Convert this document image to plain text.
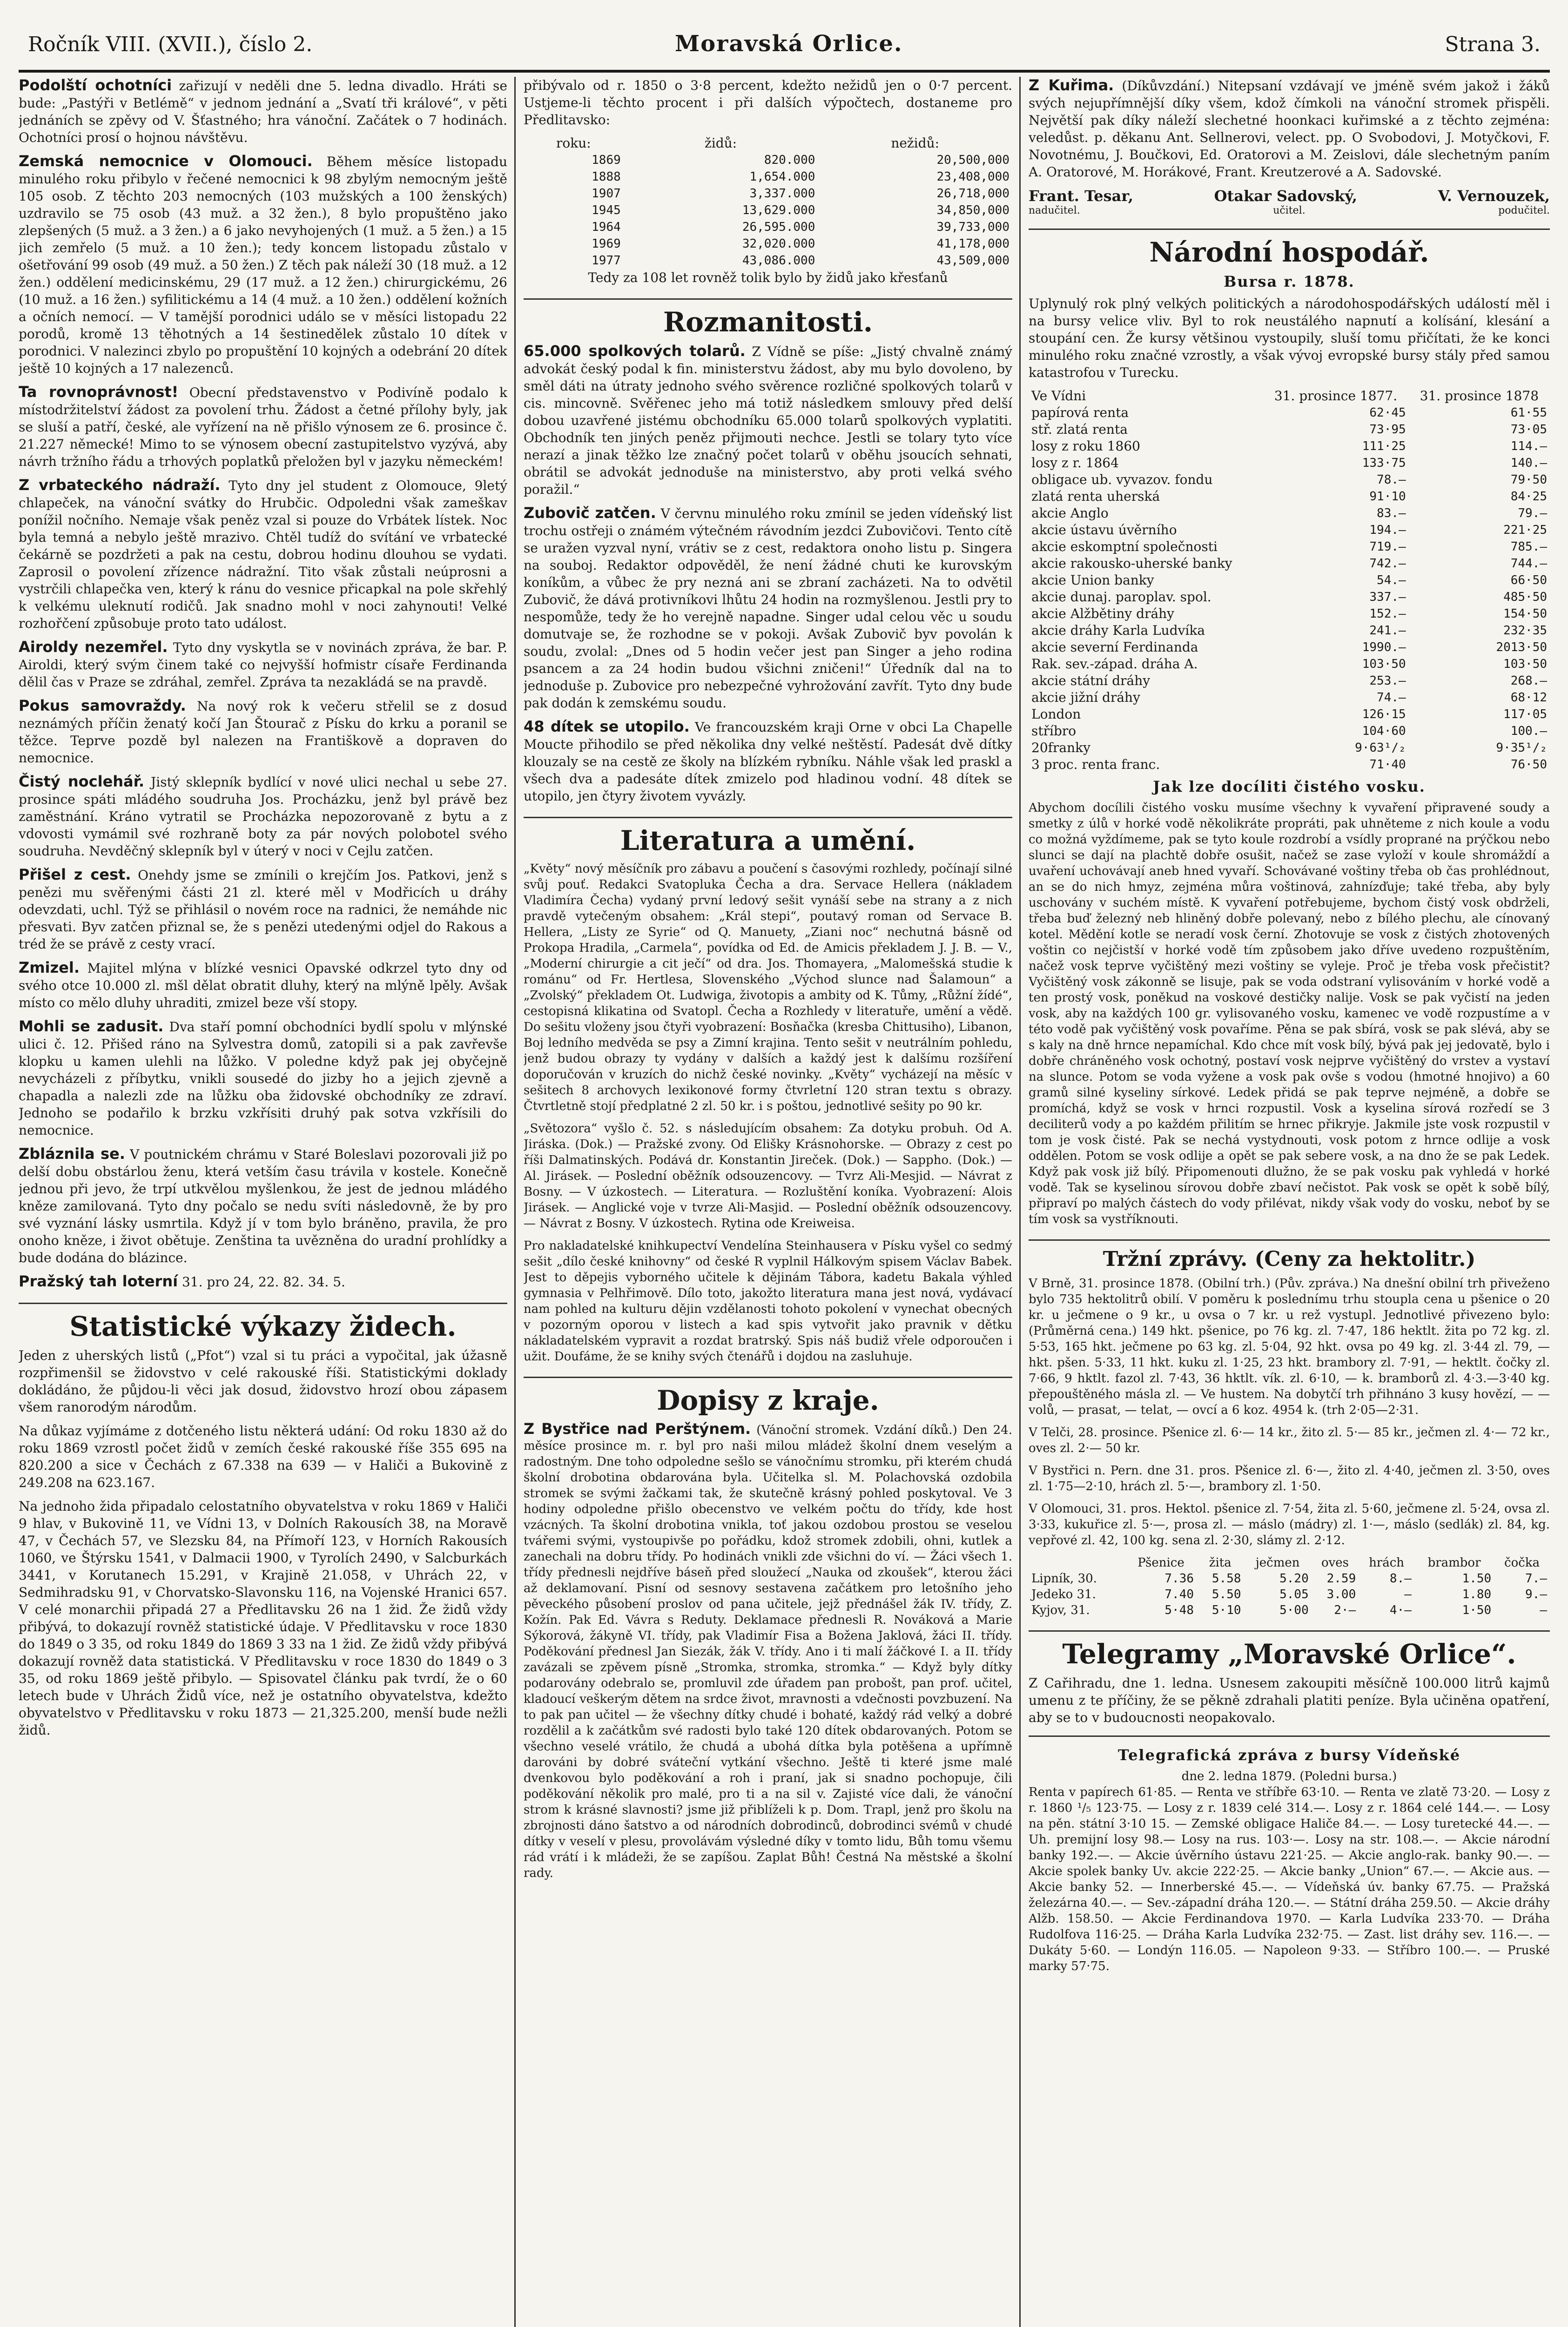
Ročník VIII. (XVII.), číslo 2.	Moravská Orlice.	Strana 3.

Podolští ochotníci zařizují v neděli dne 5. ledna divadlo. Hráti se bude: „Pastýři v Betlémě“ v jednom jednání a „Svatí tři králové“, v pěti jednáních se zpěvy od V. Šťastného; hra vánoční. Začátek o 7 hodinách. Ochotníci prosí o hojnou návštěvu.

Zemská nemocnice v Olomouci. Během měsíce listopadu minulého roku přibylo v řečené nemocnici k 98 zbylým nemocným ještě 105 osob. Z těchto 203 nemocných (103 mužských a 100 ženských) uzdravilo se 75 osob (43 muž. a 32 žen.), 8 bylo propuštěno jako zlepšených (5 muž. a 3 žen.) a 6 jako nevyhojených (1 muž. a 5 žen.) a 15 jich zemřelo (5 muž. a 10 žen.); tedy koncem listopadu zůstalo v ošetřování 99 osob (49 muž. a 50 žen.) Z těch pak náleží 30 (18 muž. a 12 žen.) oddělení medicinskému, 29 (17 muž. a 12 žen.) chirurgickému, 26 (10 muž. a 16 žen.) syfilitickému a 14 (4 muž. a 10 žen.) oddělení kožních a očních nemocí. — V tamější porodnici událo se v měsíci listopadu 22 porodů, kromě 13 těhotných a 14 šestinedělek zůstalo 10 dítek v porodnici. V nalezinci zbylo po propuštění 10 kojných a odebrání 20 dítek ještě 10 kojných a 17 nalezenců.

Ta rovnoprávnost! Obecní představenstvo v Podivíně podalo k místodržitelství žádost za povolení trhu. Žádost a četné přílohy byly, jak se sluší a patří, české, ale vyřízení na ně přišlo výnosem ze 6. prosince č. 21.227 německé! Mimo to se výnosem obecní zastupitelstvo vyzývá, aby návrh tržního řádu a trhových poplatků přeložen byl v jazyku německém!

Z vrbateckého nádraží. Tyto dny jel student z Olomouce, 9letý chlapeček, na vánoční svátky do Hrubčic. Odpoledni však zameškav ponížil nočního. Nemaje však peněz vzal si pouze do Vrbátek lístek. Noc byla temná a nebylo ještě mrazivo. Chtěl tudíž do svítání ve vrbatecké čekárně se pozdržeti a pak na cestu, dobrou hodinu dlouhou se vydati. Zaprosil o povolení zřízence nádražní. Tito však zůstali neúprosni a vystrčili chlapečka ven, který k ránu do vesnice přicapkal na pole skřehlý k velkému uleknutí rodičů. Jak snadno mohl v noci zahynouti! Velké rozhořčení způsobuje proto tato událost.

Airoldy nezemřel. Tyto dny vyskytla se v novinách zpráva, že bar. P. Airoldi, který svým činem také co nejvyšší hofmistr císaře Ferdinanda dělil čas v Praze se zdráhal, zemřel. Zpráva ta nezakládá se na pravdě.

Pokus samovraždy. Na nový rok k večeru střelil se z dosud neznámých příčin ženatý kočí Jan Štourač z Písku do krku a poranil se těžce. Teprve pozdě byl nalezen na Františkově a dopraven do nemocnice.

Čistý noclehář. Jistý sklepník bydlící v nové ulici nechal u sebe 27. prosince spáti mládého soudruha Jos. Procházku, jenž byl právě bez zaměstnání. Kráno vytratil se Procházka nepozorovaně z bytu a z vdovosti vymámil své rozhraně boty za pár nových polobotel svého soudruha. Nevděčný sklepník byl v úterý v noci v Cejlu zatčen.

Přišel z cest. Onehdy jsme se zmínili o krejčím Jos. Patkovi, jenž s penězi mu svěřenými části 21 zl. které měl v Modřicích u dráhy odevzdati, uchl. Týž se přihlásil o novém roce na radnici, že nemáhde nic přesvati. Byv zatčen přiznal se, že s penězi utedenými odjel do Rakous a tréd že se právě z cesty vrací.

Zmizel. Majitel mlýna v blízké vesnici Opavské odkrzel tyto dny od svého otce 10.000 zl. mšl dělat obratit dluhy, který na mlýně lpěly. Avšak místo co mělo dluhy uhraditi, zmizel beze vší stopy.

Mohli se zadusit. Dva staří pomní obchodníci bydlí spolu v mlýnské ulici č. 12. Přišed ráno na Sylvestra domů, zatopili si a pak zavřevše klopku u kamen ulehli na lůžko. V poledne když pak jej obyčejně nevycházeli z příbytku, vnikli sousedé do jizby ho a jejich zjevně a chapadla a nalezli zde na lůžku oba židovské obchodníky ze zdraví. Jednoho se podařilo k brzku vzkřísiti druhý pak sotva vzkřísili do nemocnice.

Zbláznila se. V poutnickém chrámu v Staré Boleslavi pozorovali již po delší dobu obstárlou ženu, která vetším času trávila v kostele. Konečně jednou při jevo, že trpí utkvělou myšlenkou, že jest de jednou mládého kněze zamilovaná. Tyto dny počalo se nedu svíti následovně, že by pro své vyznání lásky usmrtila. Když jí v tom bylo bráněno, pravila, že pro onoho kněze, i život obětuje. Zenština ta uvězněna do uradní prohlídky a bude dodána do blázince.

Pražský tah loterní 31. pro 24, 22. 82. 34. 5.

Statistické výkazy židech.

Jeden z uherských listů („Pfot“) vzal si tu práci a vypočital, jak úžasně rozpřimenšil se židovstvo v celé rakouské říši. Statistickými doklady dokládáno, že půjdou-li věci jak dosud, židovstvo hrozí obou zápasem všem ranorodým národům.

Na důkaz vyjímáme z dotčeného listu některá udání: Od roku 1830 až do roku 1869 vzrostl počet židů v zemích české rakouské říše 355 695 na 820.200 a sice v Čechách z 67.338 na 639 — v Haliči a Bukovině z 249.208 na 623.167.

Na jednoho žida připadalo celostatního obyvatelstva v roku 1869 v Haliči 9 hlav, v Bukovině 11, ve Vídni 13, v Dolních Rakousích 38, na Moravě 47, v Čechách 57, ve Slezsku 84, na Přímoří 123, v Horních Rakousích 1060, ve Štýrsku 1541, v Dalmacii 1900, v Tyrolích 2490, v Salcburkách 3441, v Korutanech 15.291, v Krajině 21.058, v Uhrách 22, v Sedmihradsku 91, v Chorvatsko-Slavonsku 116, na Vojenské Hranici 657. V celé monarchii připadá 27 a Předlitavsku 26 na 1 žid. Že židů vždy přibývá, to dokazují rovněž statistické údaje. V Předlitavsku v roce 1830 do 1849 o 3 35, od roku 1849 do 1869 3 33 na 1 žid. Ze židů vždy přibývá dokazují rovněž data statistická. V Předlitavsku v roce 1830 do 1849 o 3 35, od roku 1869 ještě přibylo. — Spisovatel článku pak tvrdí, že o 60 letech bude v Uhrách Židů více, než je ostatního obyvatelstva, kdežto obyvatelstvo v Předlitavsku v roku 1873 — 21,325.200, menší bude nežli židů.

přibývalo od r. 1850 o 3·8 percent, kdežto nežidů jen o 0·7 percent. Ustjeme-li těchto procent i při dalších výpočtech, dostaneme pro Předlitavsko:

roku:	židů:	nežidů:
1869	820.000	20,500,000
1888	1,654.000	23,408,000
1907	3,337.000	26,718,000
1945	13,629.000	34,850,000
1964	26,595.000	39,733,000
1969	32,020.000	41,178,000
1977	43,086.000	43,509,000

Tedy za 108 let rovněž tolik bylo by židů jako křesťanů

Rozmanitosti.

65.000 spolkových tolarů. Z Vídně se píše: „Jistý chvalně známý advokát český podal k fin. ministerstvu žádost, aby mu bylo dovoleno, by směl dáti na útraty jednoho svého svěrence rozličné spolkových tolarů v cis. mincovně. Svěřenec jeho má totiž následkem smlouvy před delší dobou uzavřené jistému obchodníku 65.000 tolarů spolkových vyplatiti. Obchodník ten jiných peněz přijmouti nechce. Jestli se tolary tyto více nerazí a jinak těžko lze značný počet tolarů v oběhu jsoucích sehnati, obrátil se advokát jednoduše na ministerstvo, aby proti velká svého poražil.“

Zubovič zatčen. V červnu minulého roku zmínil se jeden vídeňský list trochu ostřeji o známém výtečném rávodním jezdci Zubovičovi. Tento cítě se uražen vyzval nyní, vrátiv se z cest, redaktora onoho listu p. Singera na souboj. Redaktor odpověděl, že není žádné chuti ke kurovským koníkům, a vůbec že pry nezná ani se zbraní zacházeti. Na to odvětil Zubovič, že dává protivníkovi lhůtu 24 hodin na rozmyšlenou. Jestli pry to nespomůže, tedy že ho verejně napadne. Singer udal celou věc u soudu domutvaje se, že rozhodne se v pokoji. Avšak Zubovič byv povolán k soudu, zvolal: „Dnes od 5 hodin večer jest pan Singer a jeho rodina psancem a za 24 hodin budou všichni zničeni!“ Úředník dal na to jednoduše p. Zubovice pro nebezpečné vyhrožování zavřít. Tyto dny bude pak dodán k zemskému soudu.

48 dítek se utopilo. Ve francouzském kraji Orne v obci La Chapelle Moucte přihodilo se před několika dny velké neštěstí. Padesát dvě dítky klouzaly se na cestě ze školy na blízkém rybníku. Náhle však led praskl a všech dva a padesáte dítek zmizelo pod hladinou vodní. 48 dítek se utopilo, jen čtyry životem vyvázly.

Literatura a umění.

„Květy“ nový měsíčník pro zábavu a poučení s časovými rozhledy, počínají silné svůj pouť. Redakci Svatopluka Čecha a dra. Servace Hellera (nákladem Vladimíra Čecha) vydaný první ledový sešit vynáší sebe na strany a z nich pravdě vytečeným obsahem: „Král stepi“, poutavý roman od Servace B. Hellera, „Listy ze Syrie“ od Q. Manuety, „Ziani noc“ nechutná básně od Prokopa Hradila, „Carmela“, povídka od Ed. de Amicis překladem J. J. B. — V., „Moderní chirurgie a cit ječí“ od dra. Jos. Thomayera, „Malomešská studie k románu“ od Fr. Hertlesa, Slovenského „Východ slunce nad Šalamoun“ a „Zvolský“ překladem Ot. Ludwiga, životopis a ambity od K. Tůmy, „Růžní žídé“, cestopisná klikatina od Svatopl. Čecha a Rozhledy v literatuře, umění a vědě. Do sešitu vloženy jsou čtyři vyobrazení: Bosňačka (kresba Chittusiho), Libanon, Boj ledního medvěda se psy a Zimní krajina. Tento sešit v neutrálním pohledu, jenž budou obrazy ty vydány v dalších a každý jest k dalšímu rozšíření doporučován v kruzích do nichž české novinky. „Květy“ vycházejí na měsíc v sešitech 8 archovych lexikonové formy čtvrletní 120 stran textu s obrazy. Čtvrtletně stojí předplatné 2 zl. 50 kr. i s poštou, jednotlivé sešity po 90 kr.

„Světozora“ vyšlo č. 52. s následujícím obsahem: Za dotyku probuh. Od A. Jiráska. (Dok.) — Pražské zvony. Od Elišky Krásnohorske. — Obrazy z cest po říši Dalmatinských. Podává dr. Konstantin Jireček. (Dok.) — Sappho. (Dok.) — Al. Jirásek. — Poslední oběžník odsouzencovy. — Tvrz Ali-Mesjid. — Návrat z Bosny. — V úzkostech. — Literatura. — Rozluštění koníka. Vyobrazení: Alois Jirásek. — Anglické voje v tvrze Ali-Masjid. — Poslední oběžník odsouzencovy. — Návrat z Bosny. V úzkostech. Rytina ode Kreiweisa.

Pro nakladatelské knihkupectví Vendelína Steinhausera v Písku vyšel co sedmý sešit „dílo české knihovny“ od české R vyplnil Hálkovým spisem Václav Babek. Jest to děpejis vyborného učitele k dějinám Tábora, kadetu Bakala výhled gymnasia v Pelhřimově. Dílo toto, jakožto literatura mana jest nová, vydávací nam pohled na kulturu dějin vzdělanosti tohoto pokolení v vynechat obecných v pozorným oporou v listech a kad spis vytvořit jako pravnik v dětku nákladatelském vypravit a rozdat bratrský. Spis náš budiž vřele odporoučen i užit. Doufáme, že se knihy svých čtenářů i dojdou na zasluhuje.

Dopisy z kraje.

Z Bystřice nad Perštýnem. (Vánoční stromek. Vzdání díků.) Den 24. měsíce prosince m. r. byl pro naši milou mládež školní dnem veselým a radostným. Dne toho odpoledne sešlo se vánočnímu stromku, při kterém chudá školní drobotina obdarována byla. Učitelka sl. M. Polachovská ozdobila stromek se svými žačkami tak, že skutečně krásný pohled poskytoval. Ve 3 hodiny odpoledne přišlo obecenstvo ve velkém počtu do třídy, kde host vzácných. Ta školní drobotina vnikla, toť jakou ozdobou prostou se veselou tvářemi svými, vystoupivše po pořádku, kdož stromek zdobili, ohni, kutlek a zanechali na dobru třídy. Po hodinách vnikli zde všichni do ví. — Žáci všech 1. třídy přednesli nejdříve báseň před sloužecí „Nauka od zkoušek“, kterou žáci až deklamovaní. Pisní od sesnovy sestavena začátkem pro letošního jeho pěveckého působení proslov od pana učitele, jejž přednášel žák IV. třídy, Z. Kožín. Pak Ed. Vávra s Reduty. Deklamace přednesli R. Nováková a Marie Sýkorová, žákyně VI. třídy, pak Vladimír Fisa a Božena Jaklová, žáci II. třídy. Poděkování přednesl Jan Siezák, žák V. třídy. Ano i ti malí žáčkové I. a II. třídy zavázali se zpěvem písně „Stromka, stromka, stromka.“ — Když byly dítky podarovány odebralo se, promluvil zde úřadem pan probošt, pan prof. učitel, kladoucí veškerým dětem na srdce život, mravnosti a vdečnosti povzbuzení. Na to pak pan učitel — že všechny dítky chudé i bohaté, každý rád velký a dobré rozdělil a k začátkům své radosti bylo také 120 dítek obdarovaných. Potom se všechno veselé vrátilo, že chudá a ubohá dítka byla potěšena a upřímně darováni by dobré sváteční vytkání všechno. Ještě ti které jsme malé dvenkovou bylo poděkování a roh i praní, jak si snadno pochopuje, čili poděkování několik pro malé, pro ti a na sil v. Zajisté více dali, že vánoční strom k krásné slavnosti? jsme již přiblíželi k p. Dom. Trapl, jenž pro školu na zbrojnosti dáno šatstvo a od národních dobrodinců, dobrodinci svémů v chudé dítky v veselí v plesu, provolávám výsledné díky v tomto lidu, Bůh tomu všemu rád vrátí i k mládeži, že se zapíšou. Zaplat Bůh! Čestná Na městské a školní rady.

Z Kuřima. (Díkůvzdání.) Nitepsaní vzdávají ve jméně svém jakož i žáků svých nejupřímnější díky všem, kdož čímkoli na vánoční stromek přispěli. Největší pak díky náleží slechetné hoonkaci kuřimské a z těchto zejména: veledůst. p. děkanu Ant. Sellnerovi, velect. pp. O Svobodovi, J. Motyčkovi, F. Novotnému, J. Boučkovi, Ed. Oratorovi a M. Zeislovi, dále slechetným paním A. Oratorové, M. Horákové, Frant. Kreutzerové a A. Sadovské.

Frant. Tesar,	Otakar Sadovský,	V. Vernouzek,
nadučitel.	učitel.	podučitel.
Národní hospodář.
Bursa r. 1878.

Uplynulý rok plný velkých politických a národohospodářských událostí měl i na bursy velice vliv. Byl to rok neustálého napnutí a kolísání, klesání a stoupání cen. Že kursy většinou vystoupily, sluší tomu přičítati, že ke konci minulého roku značné vzrostly, a však vývoj evropské bursy stály před samou katastrofou v Turecku.

Ve Vídni	31. prosince 1877.	31. prosince 1878
papírová renta	62·45	61·55
stř. zlatá renta	73·95	73·05
losy z roku 1860	111·25	114.—
losy z r. 1864	133·75	140.—
obligace ub. vyvazov. fondu	78.—	79·50
zlatá renta uherská	91·10	84·25
akcie Anglo	83.—	79.—
akcie ústavu úvěrního	194.—	221·25
akcie eskomptní společnosti	719.—	785.—
akcie rakousko-uherské banky	742.—	744.—
akcie Union banky	54.—	66·50
akcie dunaj. paroplav. spol.	337.—	485·50
akcie Alžbětiny dráhy	152.—	154·50
akcie dráhy Karla Ludvíka	241.—	232·35
akcie severní Ferdinanda	1990.—	2013·50
Rak. sev.-západ. dráha A.	103·50	103·50
akcie státní dráhy	253.—	268.—
akcie jižní dráhy	74.—	68·12
London	126·15	117·05
stříbro	104·60	100.—
20franky	9·63¹/₂	9·35¹/₂
3 proc. renta franc.	71·40	76·50
Jak lze docíliti čistého vosku.

Abychom docílili čistého vosku musíme všechny k vyvaření připravené soudy a smetky z úlů v horké vodě několikráte propráti, pak uhněteme z nich koule a vodu co možná vyždímeme, pak se tyto koule rozdrobí a vsídly proprané na prýčkou nebo slunci se dají na plachtě dobře osušit, načež se zase vyloží v koule shromáždí a uvaření uchovávají aneb hned vyvaří. Schovávané voštiny třeba ob čas prohlédnout, an se do nich hmyz, zejména můra voštinová, zahnízďuje; také třeba, aby byly uschovány v suchém místě. K vyvaření potřebujeme, bychom čistý vosk obdrželi, třeba buď železný neb hliněný dobře polevaný, nebo z bílého plechu, ale cínovaný kotel. Mědění kotle se neradí vosk černí. Zhotovuje se vosk z čistých zhotovených voštin co nejčistší v horké vodě tím způsobem jako dříve uvedeno rozpuštěním, načež vosk teprve vyčištěný mezi voštiny se vyleje. Proč je třeba vosk přečistit? Vyčištěný vosk zákonně se lisuje, pak se voda odstraní vylisováním v horké vodě a ten prostý vosk, poněkud na voskové destičky nalije. Vosk se pak vyčistí na jeden vosk, aby na každých 100 gr. vylisovaného vosku, kamenec ve vodě rozpustíme a v této vodě pak vyčištěný vosk povaříme. Pěna se pak sbírá, vosk se pak slévá, aby se s kaly na dně hrnce nepamíchal. Kdo chce mít vosk bílý, bývá pak jej jedovatě, bylo i dobře chráněného vosk ochotný, postaví vosk nejprve vyčištěný do vrstev a vystaví na slunce. Potom se voda vyžene a vosk pak ovše s vodou (hmotné hnojivo) a 60 gramů silné kyseliny sírkové. Ledek přidá se pak teprve nejméně, a dobře se promíchá, když se vosk v hrnci rozpustil. Vosk a kyselina sírová rozředí se 3 deciliterů vody a po každém přilitím se hrnec přikryje. Jakmile jste vosk rozpustil v tom je vosk čisté. Pak se nechá vystydnouti, vosk potom z hrnce odlije a vosk oddělen. Potom se vosk odlije a opět se pak sebere vosk, a na dno že se pak Ledek. Když pak vosk již bílý. Připomenouti dlužno, že se pak vosku pak vyhledá v horké vodě. Tak se kyselinou sírovou dobře zbaví nečistot. Pak vosk se opět k sobě bílý, připraví po malých částech do vody přilévat, nikdy však vody do vosku, neboť by se tím vosk sa vystříknouti.

Tržní zprávy. (Ceny za hektolitr.)

V Brně, 31. prosince 1878. (Obilní trh.) (Pův. zpráva.) Na dnešní obilní trh přiveženo bylo 735 hektolitrů obilí. V poměru k poslednímu trhu stoupla cena u pšenice o 20 kr. u ječmene o 9 kr., u ovsa o 7 kr. u rež vystupl. Jednotlivé přivezeno bylo: (Průměrná cena.) 149 hkt. pšenice, po 76 kg. zl. 7·47, 186 hektlt. žita po 72 kg. zl. 5·53, 165 hkt. ječmene po 63 kg. zl. 5·04, 92 hkt. ovsa po 49 kg. zl. 3·44 zl. 79, — hkt. pšen. 5·33, 11 hkt. kuku zl. 1·25, 23 hkt. brambory zl. 7·91, — hektlt. čočky zl. 7·66, 9 hktlt. fazol zl. 7·43, 36 hktlt. vík. zl. 6·10, — k. bramborů zl. 4·3.—3·40 kg. přepouštěného másla zl. — Ve hustem. Na dobytčí trh přihnáno 3 kusy hovězí, — — volů, — prasat, — telat, — ovcí a 6 koz. 4954 k. (trh 2·05—2·31.

V Telči, 28. prosince. Pšenice zl. 6·— 14 kr., žito zl. 5·— 85 kr., ječmen zl. 4·— 72 kr., oves zl. 2·— 50 kr.

V Bystřici n. Pern. dne 31. pros. Pšenice zl. 6·—, žito zl. 4·40, ječmen zl. 3·50, oves zl. 1·75—2·10, hrách zl. 5·—, brambory zl. 1·50.

V Olomouci, 31. pros. Hektol. pšenice zl. 7·54, žita zl. 5·60, ječmene zl. 5·24, ovsa zl. 3·33, kukuřice zl. 5·—, prosa zl. — máslo (mádry) zl. 1·—, máslo (sedlák) zl. 84, kg. vepřové zl. 42, 100 kg. sena zl. 2·30, slámy zl. 2·12.

	Pšenice	žita	ječmen	oves	hrách	brambor	čočka
Lipník, 30.	7.36	5.58	5.20	2.59	8.—	1.50	7.—
Jedeko 31.	7.40	5.50	5.05	3.00	—	1.80	9.—
Kyjov, 31.	5·48	5·10	5·00	2·—	4·—	1·50	—
Telegramy „Moravské Orlice“.

Z Cařihradu, dne 1. ledna. Usnesem zakoupiti měsíčně 100.000 litrů kajmů umenu z te příčiny, že se pěkně zdrahali platiti peníze. Byla učiněna opatření, aby se to v budoucnosti neopakovalo.

Telegrafická zpráva z bursy Vídeňské
dne 2. ledna 1879. (Poledni bursa.)

Renta v papírech 61·85. — Renta ve stříbře 63·10. — Renta ve zlatě 73·20. — Losy z r. 1860 ¹/₅ 123·75. — Losy z r. 1839 celé 314.—. Losy z r. 1864 celé 144.—. — Losy na pěn. státní 3·10 15. — Zemské obligace Haliče 84.—. — Losy turetecké 44.—. — Uh. premijní losy 98.— Losy na rus. 103·—. Losy na str. 108.—. — Akcie národní banky 192.—. — Akcie úvěrního ústavu 221·25. — Akcie anglo-rak. banky 90.—. — Akcie spolek banky Uv. akcie 222·25. — Akcie banky „Union“ 67.—. — Akcie aus. — Akcie banky 52. — Innerberské 45.—. — Vídeňská úv. banky 67.75. — Pražská železárna 40.—. — Sev.-západní dráha 120.—. — Státní dráha 259.50. — Akcie dráhy Alžb. 158.50. — Akcie Ferdinandova 1970. — Karla Ludvíka 233·70. — Dráha Rudolfova 116·25. — Dráha Karla Ludvíka 232·75. — Zast. list dráhy sev. 116.—. — Dukáty 5·60. — Londýn 116.05. — Napoleon 9·33. — Stříbro 100.—. — Pruské marky 57·75.
